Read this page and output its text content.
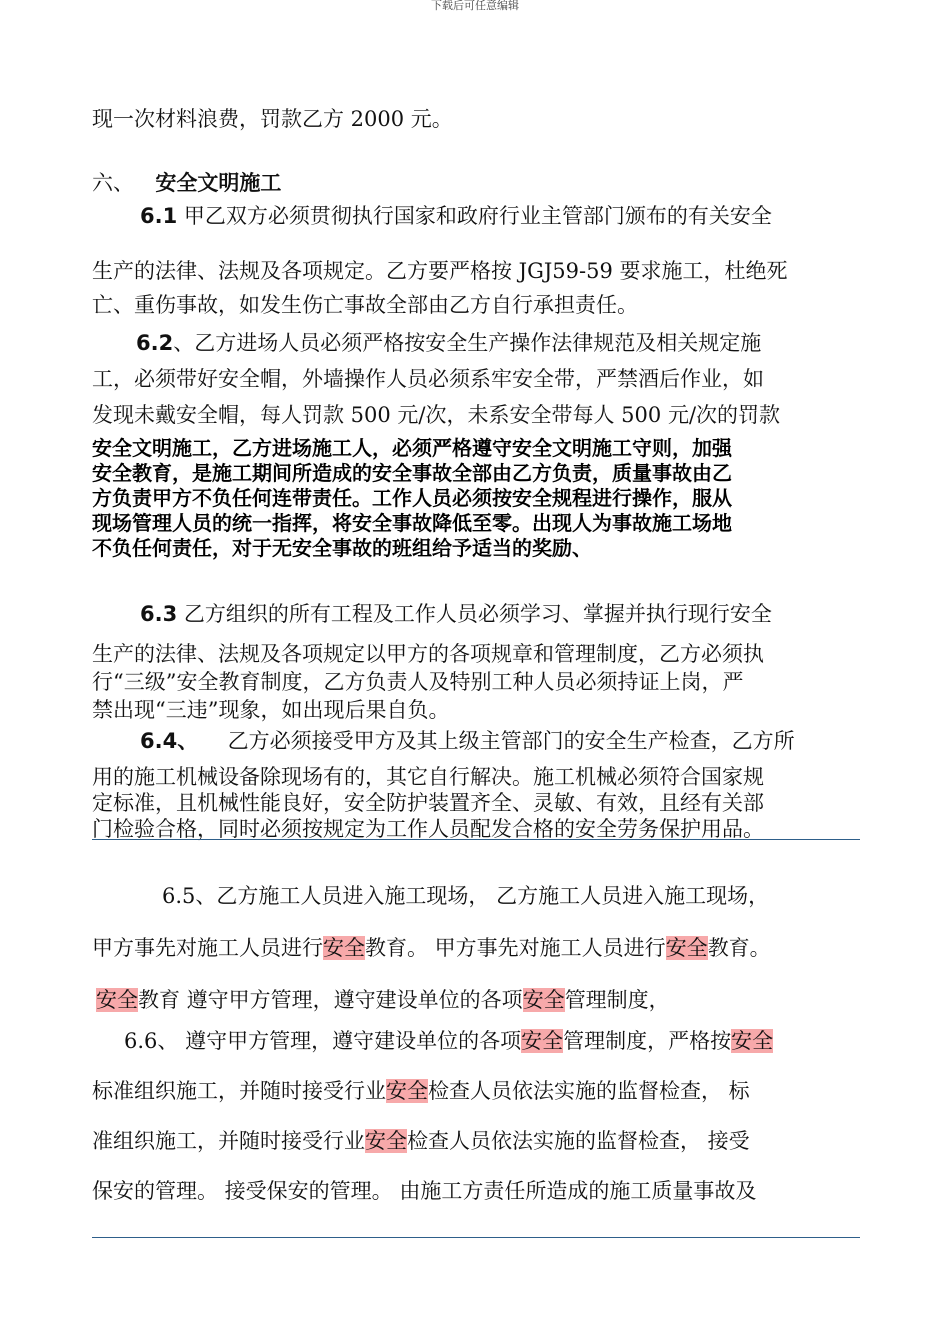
下载后可任意编辑
现一次材料浪费，罚款乙方 2000 元。
六、 安全文明施工
6.1 甲乙双方必须贯彻执行国家和政府行业主管部门颁布的有关安全
生产的法律、法规及各项规定。乙方要严格按 JGJ59-59 要求施工，杜绝死
亡、重伤事故，如发生伤亡事故全部由乙方自行承担责任。
6.2、乙方进场人员必须严格按安全生产操作法律规范及相关规定施
工，必须带好安全帽，外墙操作人员必须系牢安全带，严禁酒后作业，如
发现未戴安全帽，每人罚款 500 元/次，未系安全带每人 500 元/次的罚款
安全文明施工，乙方进场施工人，必须严格遵守安全文明施工守则，加强
安全教育，是施工期间所造成的安全事故全部由乙方负责，质量事故由乙
方负责甲方不负任何连带责任。工作人员必须按安全规程进行操作，服从
现场管理人员的统一指挥，将安全事故降低至零。出现人为事故施工场地
不负任何责任，对于无安全事故的班组给予适当的奖励、
6.3 乙方组织的所有工程及工作人员必须学习、掌握并执行现行安全
生产的法律、法规及各项规定以甲方的各项规章和管理制度，乙方必须执
行“三级”安全教育制度，乙方负责人及特别工种人员必须持证上岗，严
禁出现“三违”现象，如出现后果自负。
6.4、 乙方必须接受甲方及其上级主管部门的安全生产检查，乙方所
用的施工机械设备除现场有的，其它自行解决。施工机械必须符合国家规
定标准，且机械性能良好，安全防护装置齐全、灵敏、有效，且经有关部
门检验合格，同时必须按规定为工作人员配发合格的安全劳务保护用品。
6.5、乙方施工人员进入施工现场， 乙方施工人员进入施工现场，
甲方事先对施工人员进行安全教育。 甲方事先对施工人员进行安全教育。
安全教育 遵守甲方管理，遵守建设单位的各项安全管理制度，
6.6、 遵守甲方管理，遵守建设单位的各项安全管理制度，严格按安全
标准组织施工，并随时接受行业安全检查人员依法实施的监督检查， 标
准组织施工，并随时接受行业安全检查人员依法实施的监督检查， 接受
保安的管理。 接受保安的管理。 由施工方责任所造成的施工质量事故及
